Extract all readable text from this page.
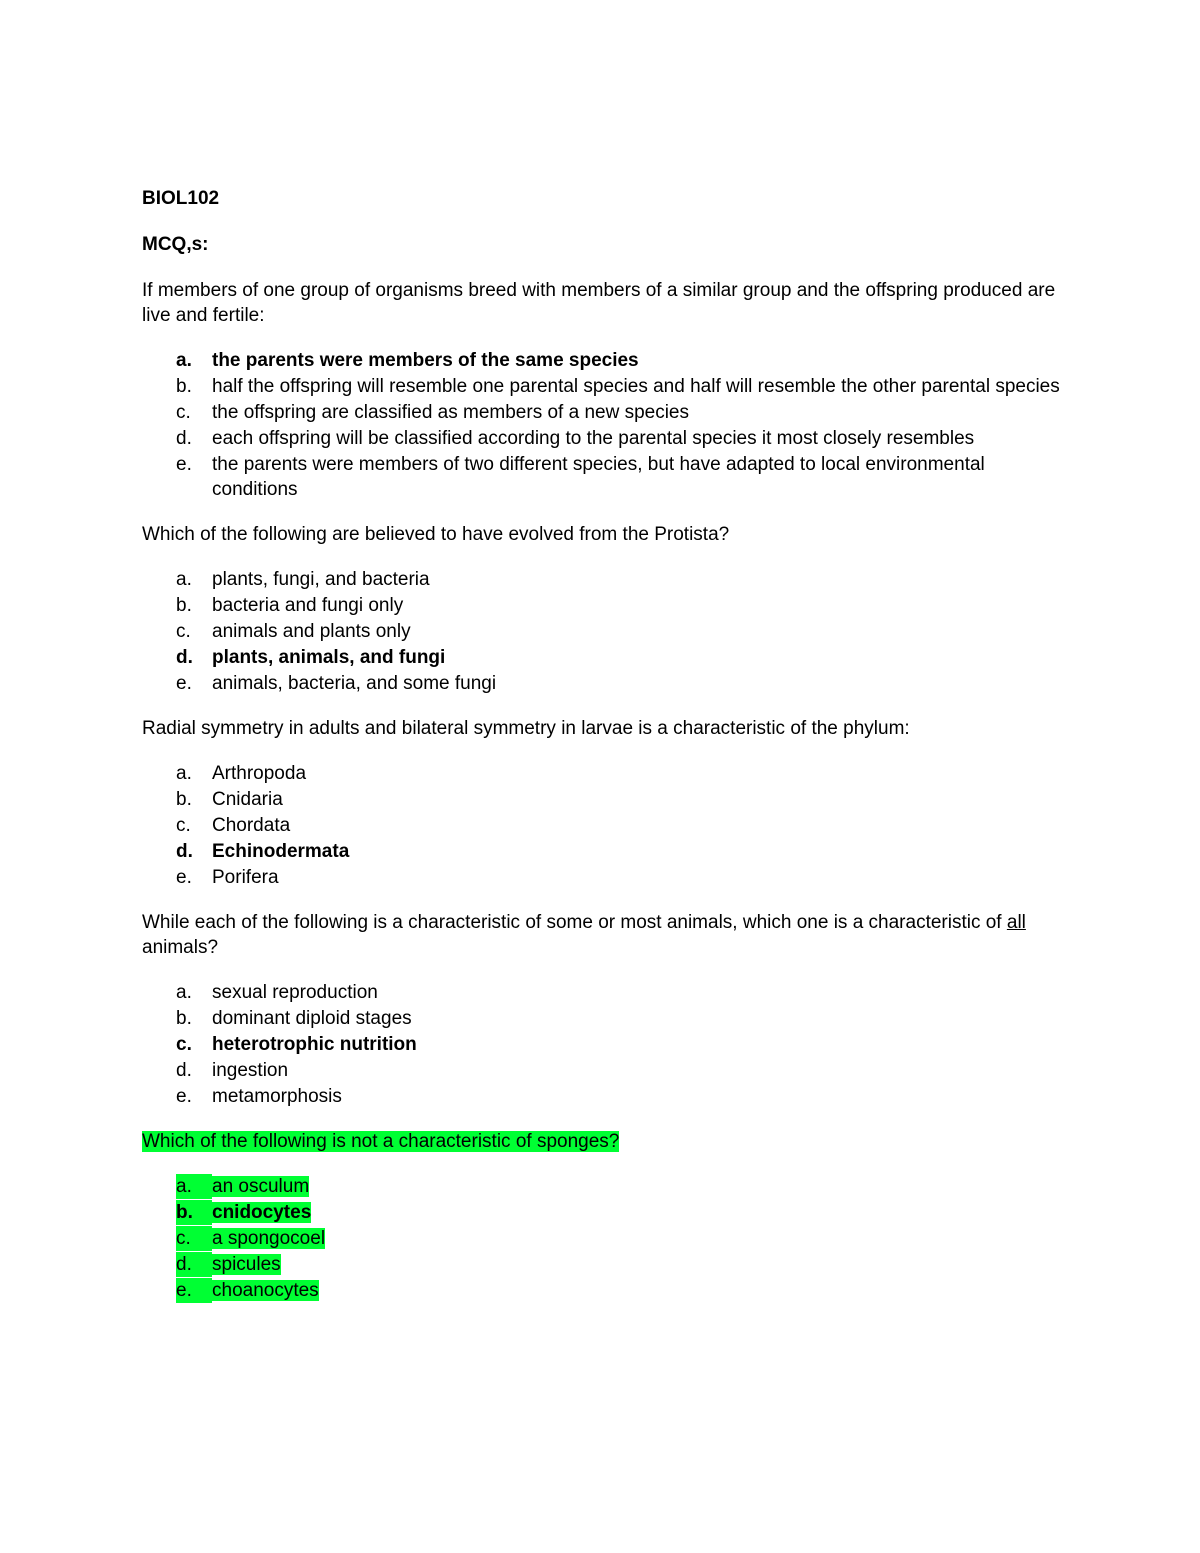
BIOL102
MCQ,s:
If members of one group of organisms breed with members of a similar group and the offspring produced are live and fertile:
a. the parents were members of the same species
b. half the offspring will resemble one parental species and half will resemble the other parental species
c. the offspring are classified as members of a new species
d. each offspring will be classified according to the parental species it most closely resembles
e. the parents were members of two different species, but have adapted to local environmental conditions
Which of the following are believed to have evolved from the Protista?
a. plants, fungi, and bacteria
b. bacteria and fungi only
c. animals and plants only
d. plants, animals, and fungi
e. animals, bacteria, and some fungi
Radial symmetry in adults and bilateral symmetry in larvae is a characteristic of the phylum:
a. Arthropoda
b. Cnidaria
c. Chordata
d. Echinodermata
e. Porifera
While each of the following is a characteristic of some or most animals, which one is a characteristic of all animals?
a. sexual reproduction
b. dominant diploid stages
c. heterotrophic nutrition
d. ingestion
e. metamorphosis
Which of the following is not a characteristic of sponges?
a. an osculum
b. cnidocytes
c. a spongocoel
d. spicules
e. choanocytes
